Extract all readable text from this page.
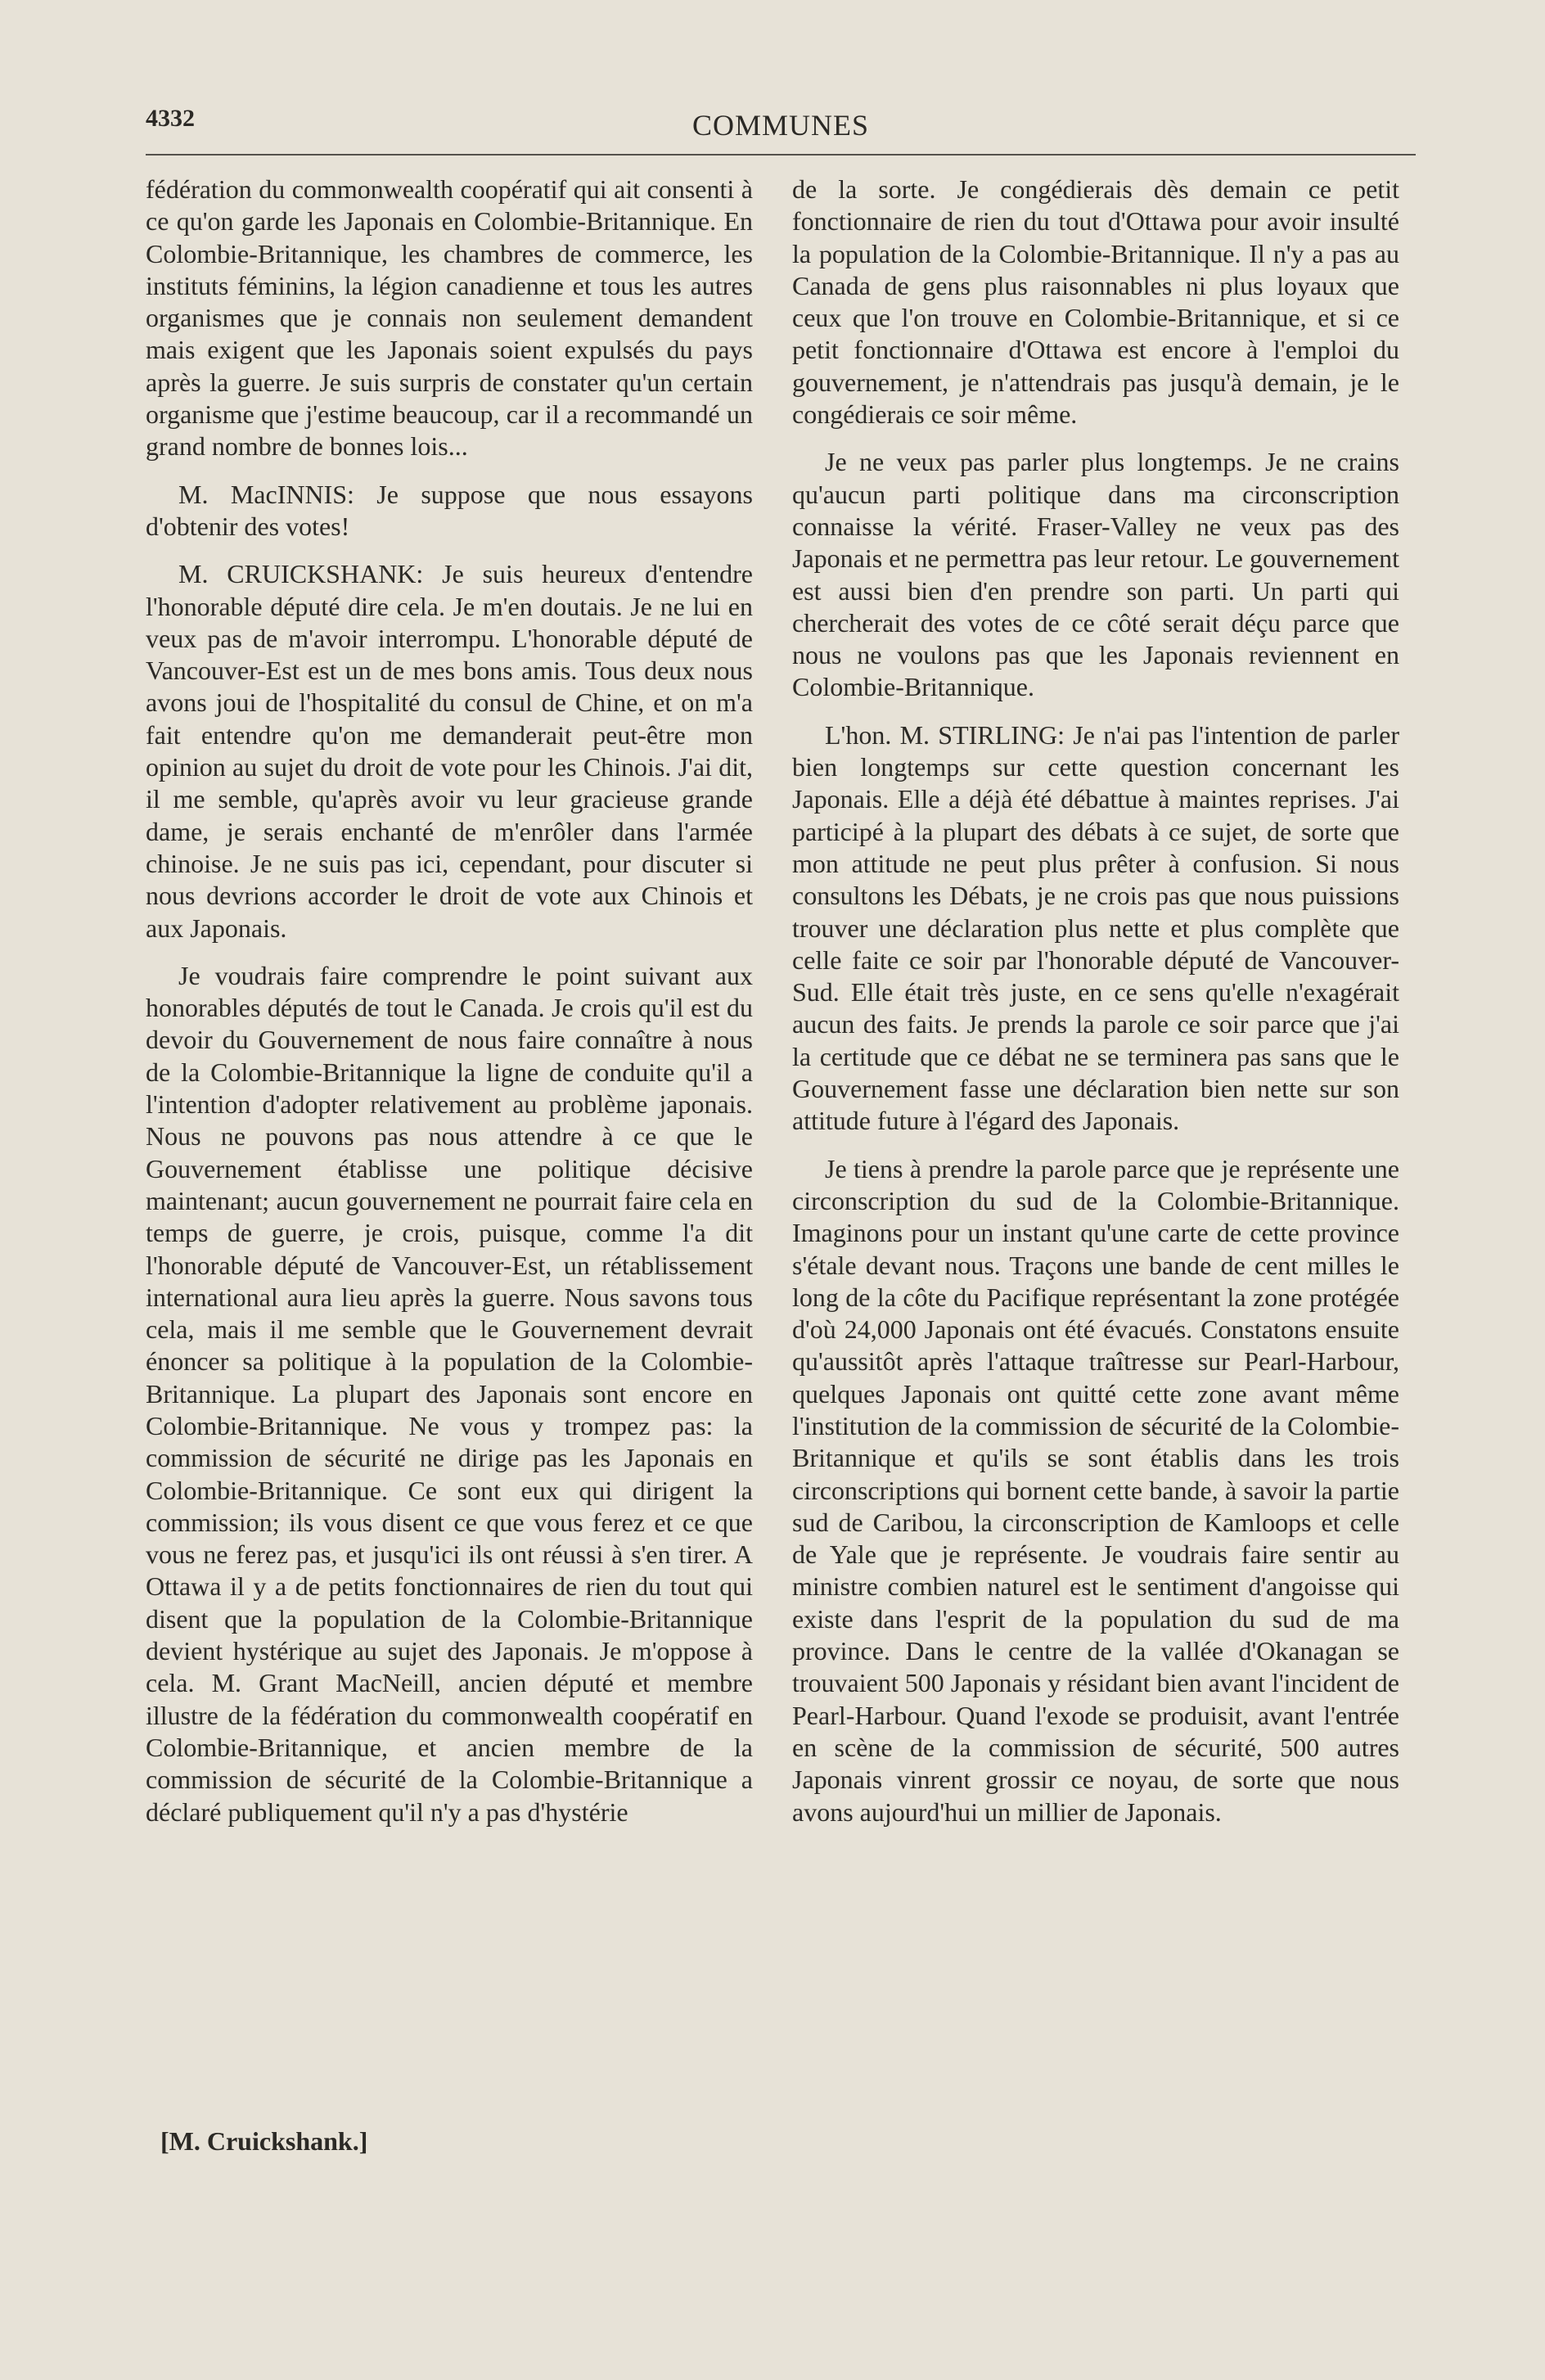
4332	COMMUNES

fédération du commonwealth coopératif qui ait consenti à ce qu'on garde les Japonais en Colombie-Britannique. En Colombie-Britannique, les chambres de commerce, les instituts féminins, la légion canadienne et tous les autres organismes que je connais non seulement demandent mais exigent que les Japonais soient expulsés du pays après la guerre. Je suis surpris de constater qu'un certain organisme que j'estime beaucoup, car il a recommandé un grand nombre de bonnes lois...

M. MacINNIS: Je suppose que nous essayons d'obtenir des votes!

M. CRUICKSHANK: Je suis heureux d'entendre l'honorable député dire cela. Je m'en doutais. Je ne lui en veux pas de m'avoir interrompu. L'honorable député de Vancouver-Est est un de mes bons amis. Tous deux nous avons joui de l'hospitalité du consul de Chine, et on m'a fait entendre qu'on me demanderait peut-être mon opinion au sujet du droit de vote pour les Chinois. J'ai dit, il me semble, qu'après avoir vu leur gracieuse grande dame, je serais enchanté de m'enrôler dans l'armée chinoise. Je ne suis pas ici, cependant, pour discuter si nous devrions accorder le droit de vote aux Chinois et aux Japonais.

Je voudrais faire comprendre le point suivant aux honorables députés de tout le Canada. Je crois qu'il est du devoir du Gouvernement de nous faire connaître à nous de la Colombie-Britannique la ligne de conduite qu'il a l'intention d'adopter relativement au problème japonais. Nous ne pouvons pas nous attendre à ce que le Gouvernement établisse une politique décisive maintenant; aucun gouvernement ne pourrait faire cela en temps de guerre, je crois, puisque, comme l'a dit l'honorable député de Vancouver-Est, un rétablissement international aura lieu après la guerre. Nous savons tous cela, mais il me semble que le Gouvernement devrait énoncer sa politique à la population de la Colombie-Britannique. La plupart des Japonais sont encore en Colombie-Britannique. Ne vous y trompez pas: la commission de sécurité ne dirige pas les Japonais en Colombie-Britannique. Ce sont eux qui dirigent la commission; ils vous disent ce que vous ferez et ce que vous ne ferez pas, et jusqu'ici ils ont réussi à s'en tirer. A Ottawa il y a de petits fonctionnaires de rien du tout qui disent que la population de la Colombie-Britannique devient hystérique au sujet des Japonais. Je m'oppose à cela. M. Grant MacNeill, ancien député et membre illustre de la fédération du commonwealth coopératif en Colombie-Britannique, et ancien membre de la commission de sécurité de la Colombie-Britannique a déclaré publiquement qu'il n'y a pas d'hystérie

[M. Cruickshank.]

de la sorte. Je congédierais dès demain ce petit fonctionnaire de rien du tout d'Ottawa pour avoir insulté la population de la Colombie-Britannique. Il n'y a pas au Canada de gens plus raisonnables ni plus loyaux que ceux que l'on trouve en Colombie-Britannique, et si ce petit fonctionnaire d'Ottawa est encore à l'emploi du gouvernement, je n'attendrais pas jusqu'à demain, je le congédierais ce soir même.

Je ne veux pas parler plus longtemps. Je ne crains qu'aucun parti politique dans ma circonscription connaisse la vérité. Fraser-Valley ne veux pas des Japonais et ne permettra pas leur retour. Le gouvernement est aussi bien d'en prendre son parti. Un parti qui chercherait des votes de ce côté serait déçu parce que nous ne voulons pas que les Japonais reviennent en Colombie-Britannique.

L'hon. M. STIRLING: Je n'ai pas l'intention de parler bien longtemps sur cette question concernant les Japonais. Elle a déjà été débattue à maintes reprises. J'ai participé à la plupart des débats à ce sujet, de sorte que mon attitude ne peut plus prêter à confusion. Si nous consultons les Débats, je ne crois pas que nous puissions trouver une déclaration plus nette et plus complète que celle faite ce soir par l'honorable député de Vancouver-Sud. Elle était très juste, en ce sens qu'elle n'exagérait aucun des faits. Je prends la parole ce soir parce que j'ai la certitude que ce débat ne se terminera pas sans que le Gouvernement fasse une déclaration bien nette sur son attitude future à l'égard des Japonais.

Je tiens à prendre la parole parce que je représente une circonscription du sud de la Colombie-Britannique. Imaginons pour un instant qu'une carte de cette province s'étale devant nous. Traçons une bande de cent milles le long de la côte du Pacifique représentant la zone protégée d'où 24,000 Japonais ont été évacués. Constatons ensuite qu'aussitôt après l'attaque traîtresse sur Pearl-Harbour, quelques Japonais ont quitté cette zone avant même l'institution de la commission de sécurité de la Colombie-Britannique et qu'ils se sont établis dans les trois circonscriptions qui bornent cette bande, à savoir la partie sud de Caribou, la circonscription de Kamloops et celle de Yale que je représente. Je voudrais faire sentir au ministre combien naturel est le sentiment d'angoisse qui existe dans l'esprit de la population du sud de ma province. Dans le centre de la vallée d'Okanagan se trouvaient 500 Japonais y résidant bien avant l'incident de Pearl-Harbour. Quand l'exode se produisit, avant l'entrée en scène de la commission de sécurité, 500 autres Japonais vinrent grossir ce noyau, de sorte que nous avons aujourd'hui un millier de Japonais.
